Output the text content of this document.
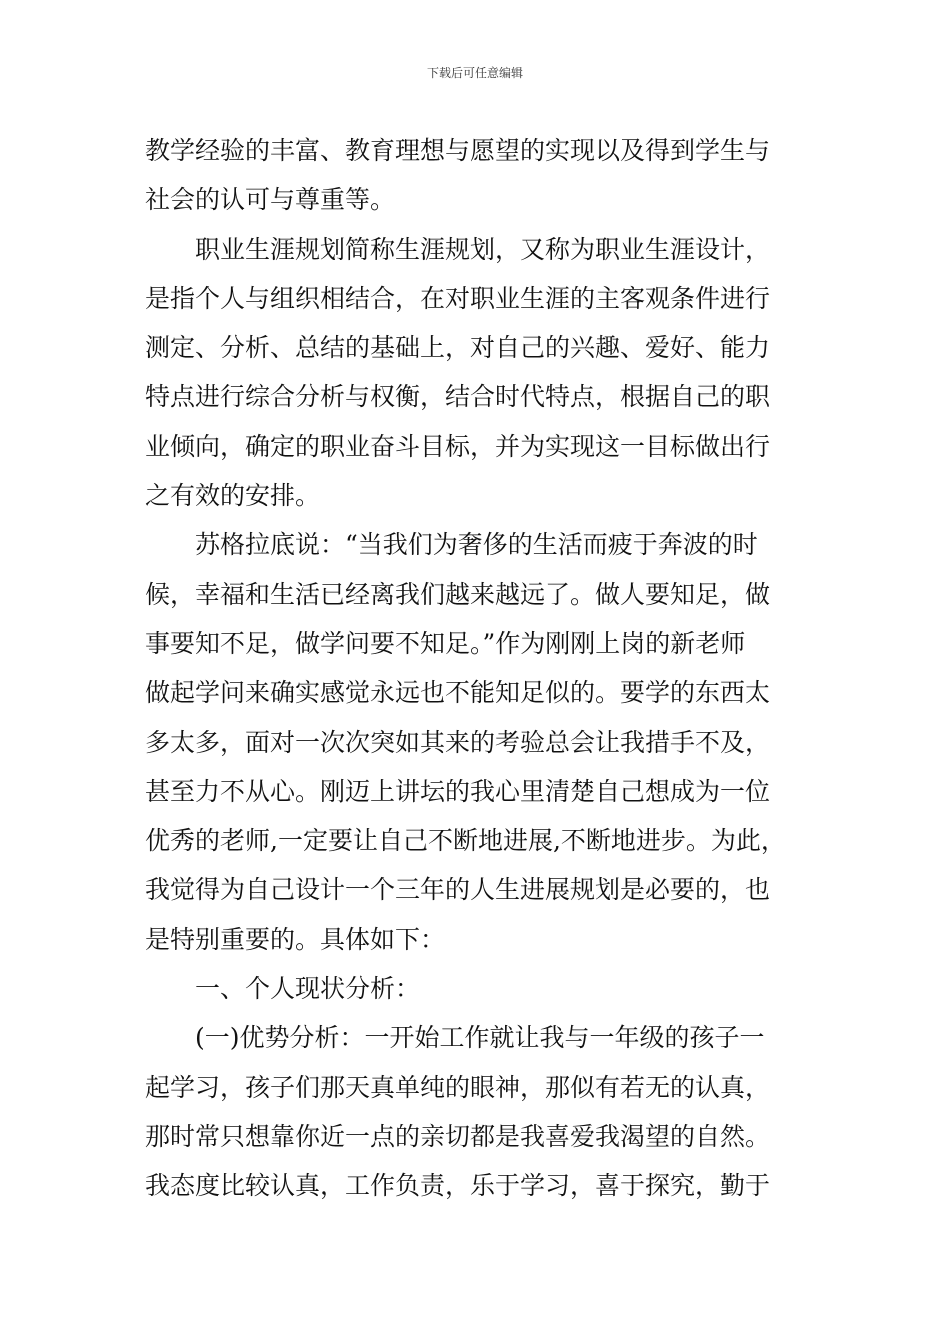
下载后可任意编辑
教学经验的丰富、教育理想与愿望的实现以及得到学生与
社会的认可与尊重等。
职业生涯规划简称生涯规划，又称为职业生涯设计，
是指个人与组织相结合，在对职业生涯的主客观条件进行
测定、分析、总结的基础上，对自己的兴趣、爱好、能力
特点进行综合分析与权衡，结合时代特点，根据自己的职
业倾向，确定的职业奋斗目标，并为实现这一目标做出行
之有效的安排。
苏格拉底说：“当我们为奢侈的生活而疲于奔波的时
候，幸福和生活已经离我们越来越远了。做人要知足，做
事要知不足，做学问要不知足。”作为刚刚上岗的新老师
做起学问来确实感觉永远也不能知足似的。要学的东西太
多太多，面对一次次突如其来的考验总会让我措手不及，
甚至力不从心。刚迈上讲坛的我心里清楚自己想成为一位
优秀的老师,一定要让自己不断地进展,不断地进步。为此，
我觉得为自己设计一个三年的人生进展规划是必要的，也
是特别重要的。具体如下：
一、个人现状分析：
(一)优势分析：一开始工作就让我与一年级的孩子一
起学习，孩子们那天真单纯的眼神，那似有若无的认真，
那时常只想靠你近一点的亲切都是我喜爱我渴望的自然。
我态度比较认真，工作负责，乐于学习，喜于探究，勤于
